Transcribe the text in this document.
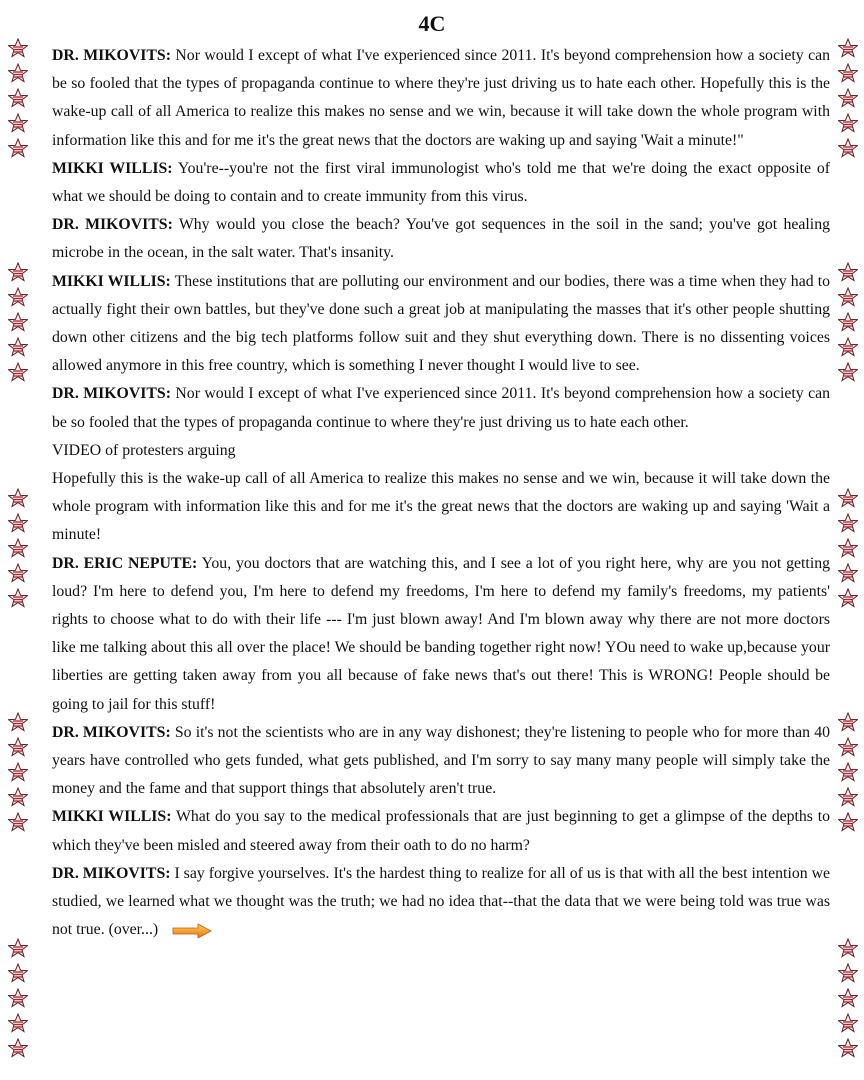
4C

DR. MIKOVITS: Nor would I except of what I've experienced since 2011. It's beyond comprehension how a society can be so fooled that the types of propaganda continue to where they're just driving us to hate each other. Hopefully this is the wake-up call of all America to realize this makes no sense and we win, because it will take down the whole program with information like this and for me it's the great news that the doctors are waking up and saying 'Wait a minute!"

MIKKI WILLIS: You're--you're not the first viral immunologist who's told me that we're doing the exact opposite of what we should be doing to contain and to create immunity from this virus.

DR. MIKOVITS: Why would you close the beach? You've got sequences in the soil in the sand; you've got healing microbe in the ocean, in the salt water. That's insanity.

MIKKI WILLIS: These institutions that are polluting our environment and our bodies, there was a time when they had to actually fight their own battles, but they've done such a great job at manipulating the masses that it's other people shutting down other citizens and the big tech platforms follow suit and they shut everything down. There is no dissenting voices allowed anymore in this free country, which is something I never thought I would live to see.

DR. MIKOVITS: Nor would I except of what I've experienced since 2011. It's beyond comprehension how a society can be so fooled that the types of propaganda continue to where they're just driving us to hate each other.

VIDEO of protesters arguing

Hopefully this is the wake-up call of all America to realize this makes no sense and we win, because it will take down the whole program with information like this and for me it's the great news that the doctors are waking up and saying 'Wait a minute!

DR. ERIC NEPUTE: You, you doctors that are watching this, and I see a lot of you right here, why are you not getting loud? I'm here to defend you, I'm here to defend my freedoms, I'm here to defend my family's freedoms, my patients' rights to choose what to do with their life --- I'm just blown away! And I'm blown away why there are not more doctors like me talking about this all over the place! We should be banding together right now! YOu need to wake up,because your liberties are getting taken away from you all because of fake news that's out there! This is WRONG! People should be going to jail for this stuff!

DR. MIKOVITS: So it's not the scientists who are in any way dishonest; they're listening to people who for more than 40 years have controlled who gets funded, what gets published, and I'm sorry to say many many people will simply take the money and the fame and that support things that absolutely aren't true.

MIKKI WILLIS: What do you say to the medical professionals that are just beginning to get a glimpse of the depths to which they've been misled and steered away from their oath to do no harm?

DR. MIKOVITS: I say forgive yourselves. It's the hardest thing to realize for all of us is that with all the best intention we studied, we learned what we thought was the truth; we had no idea that--that the data that we were being told was true was not true. (over...)
